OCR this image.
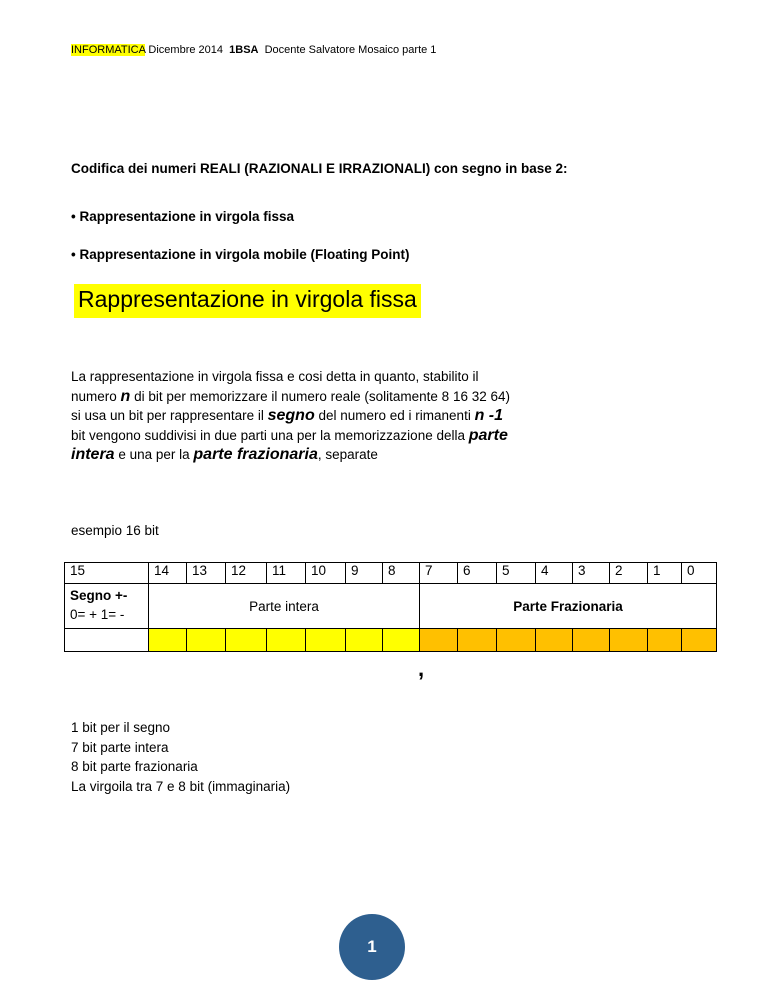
INFORMATICA Dicembre 2014 1BSA Docente Salvatore Mosaico parte 1
Codifica dei numeri REALI (RAZIONALI E IRRAZIONALI) con segno in base 2:
• Rappresentazione in virgola fissa
• Rappresentazione in virgola mobile (Floating Point)
Rappresentazione in virgola fissa
La rappresentazione in virgola fissa e cosi detta in quanto, stabilito il numero n di bit per memorizzare il numero reale (solitamente 8 16 32 64) si usa un bit per rappresentare il segno del numero ed i rimanenti n -1 bit vengono suddivisi in due parti una per la memorizzazione della parte intera e una per la parte frazionaria, separate
esempio 16 bit
15	14	13	12	11	10	9	8	7	6	5	4	3	2	1	0
Segno +-
0= + 1= -	Parte intera							Parte Frazionaria							

,
1 bit per il segno
7 bit parte intera
8 bit parte frazionaria
La virgoila tra 7 e 8 bit (immaginaria)
1
